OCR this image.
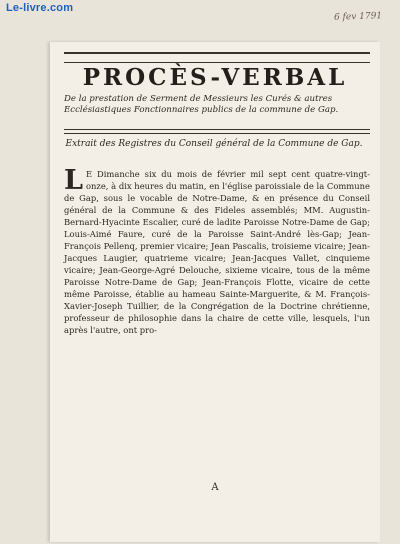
Le-livre.com
6 fev 1791
PROCÈS-VERBAL
De la prestation de Serment de Messieurs les Curés & autres Ecclésiastiques Fonctionnaires publics de la commune de Gap.
Extrait des Registres du Conseil général de la Commune de Gap.
L E Dimanche six du mois de février mil sept cent quatre-vingt-onze, à dix heures du matin, en l'église paroissiale de la Commune de Gap, sous le vocable de Notre-Dame, & en présence du Conseil général de la Commune & des Fideles assemblés; MM. Augustin-Bernard-Hyacinte Escalier, curé de ladite Paroisse Notre-Dame de Gap; Louis-Aimé Faure, curé de la Paroisse Saint-André lès-Gap; Jean-François Pellenq, premier vicaire; Jean Pascalis, troisieme vicaire; Jean-Jacques Laugier, quatrieme vicaire; Jean-Jacques Vallet, cinquieme vicaire; Jean-George-Agré Delouche, sixieme vicaire, tous de la même Paroisse Notre-Dame de Gap; Jean-François Flotte, vicaire de cette même Paroisse, établie au hameau Sainte-Marguerite, & M. François-Xavier-Joseph Tuillier, de la Congrégation de la Doctrine chrétienne, professeur de philosophie dans la chaire de cette ville, lesquels, l'un après l'autre, ont pro-
A
